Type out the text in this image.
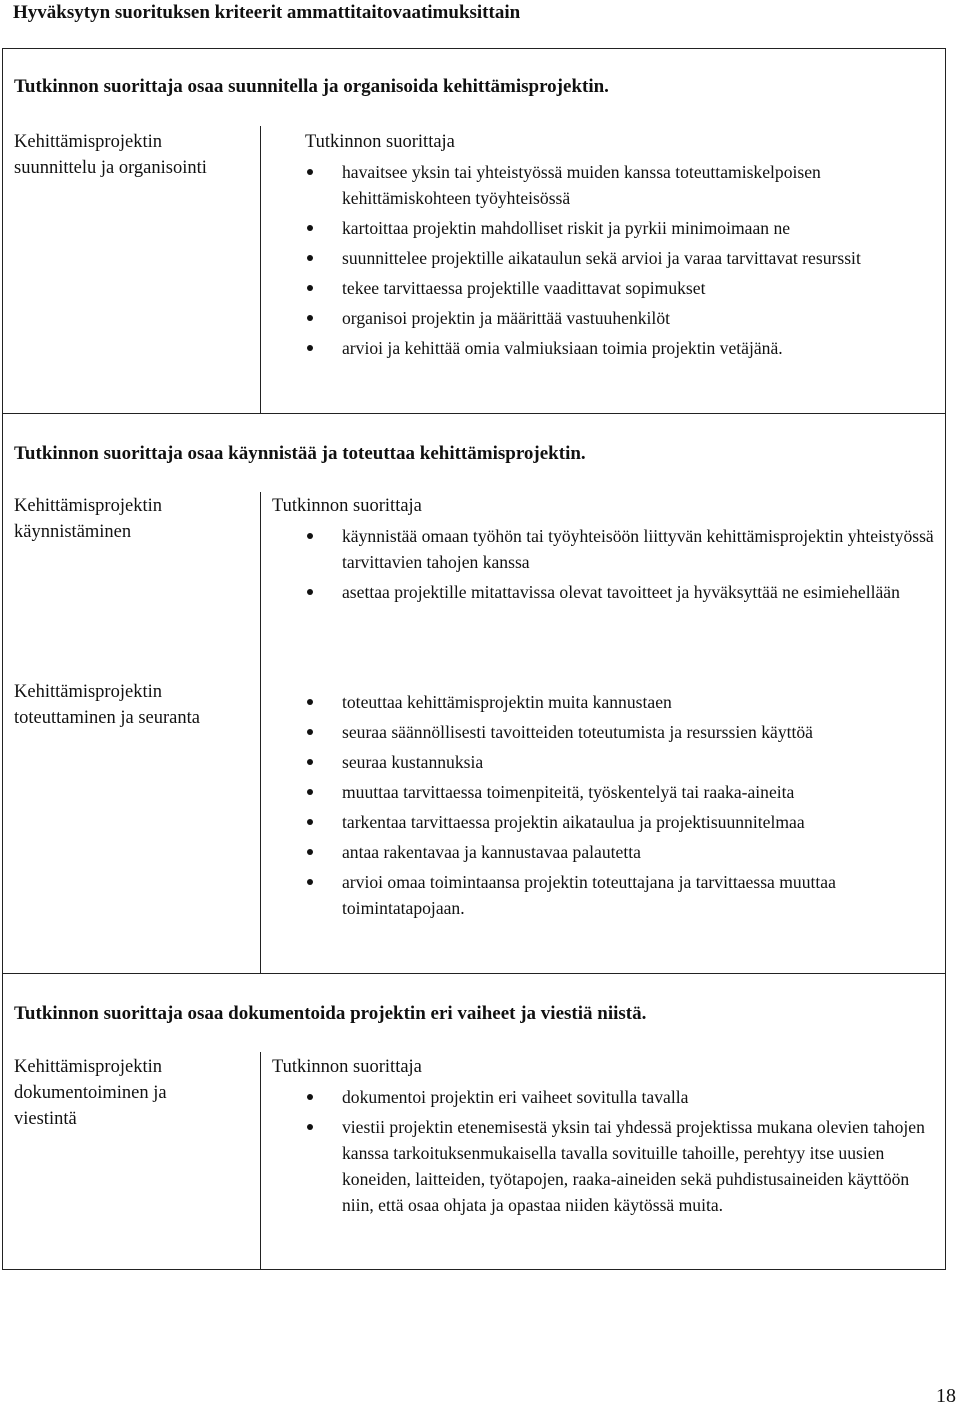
Hyväksytyn suorituksen kriteerit ammattitaitovaatimuksittain
Tutkinnon suorittaja osaa suunnitella ja organisoida kehittämisprojektin.
Kehittämisprojektin
suunnittelu ja organisointi
Tutkinnon suorittaja
havaitsee yksin tai yhteistyössä muiden kanssa toteuttamiskelpoisen kehittämiskohteen työyhteisössä
kartoittaa projektin mahdolliset riskit ja pyrkii minimoimaan ne
suunnittelee projektille aikataulun sekä arvioi ja varaa tarvittavat resurssit
tekee tarvittaessa projektille vaadittavat sopimukset
organisoi projektin ja määrittää vastuuhenkilöt
arvioi ja kehittää omia valmiuksiaan toimia projektin vetäjänä.
Tutkinnon suorittaja osaa käynnistää ja toteuttaa kehittämisprojektin.
Kehittämisprojektin
käynnistäminen
Tutkinnon suorittaja
käynnistää omaan työhön tai työyhteisöön liittyvän kehittämisprojektin yhteistyössä tarvittavien tahojen kanssa
asettaa projektille mitattavissa olevat tavoitteet ja hyväksyttää ne esimiehellään
Kehittämisprojektin
toteuttaminen ja seuranta
toteuttaa kehittämisprojektin muita kannustaen
seuraa säännöllisesti tavoitteiden toteutumista ja resurssien käyttöä
seuraa kustannuksia
muuttaa tarvittaessa toimenpiteitä, työskentelyä tai raaka-aineita
tarkentaa tarvittaessa projektin aikataulua ja projektisuunnitelmaa
antaa rakentavaa ja kannustavaa palautetta
arvioi omaa toimintaansa projektin toteuttajana ja tarvittaessa muuttaa toimintatapojaan.
Tutkinnon suorittaja osaa dokumentoida projektin eri vaiheet ja viestiä niistä.
Kehittämisprojektin
dokumentoiminen ja
viestintä
Tutkinnon suorittaja
dokumentoi projektin eri vaiheet sovitulla tavalla
viestii projektin etenemisestä yksin tai yhdessä projektissa mukana olevien tahojen kanssa tarkoituksenmukaisella tavalla sovituille tahoille, perehtyy itse uusien koneiden, laitteiden, työtapojen, raaka-aineiden sekä puhdistusaineiden käyttöön niin, että osaa ohjata ja opastaa niiden käytössä muita.
18
